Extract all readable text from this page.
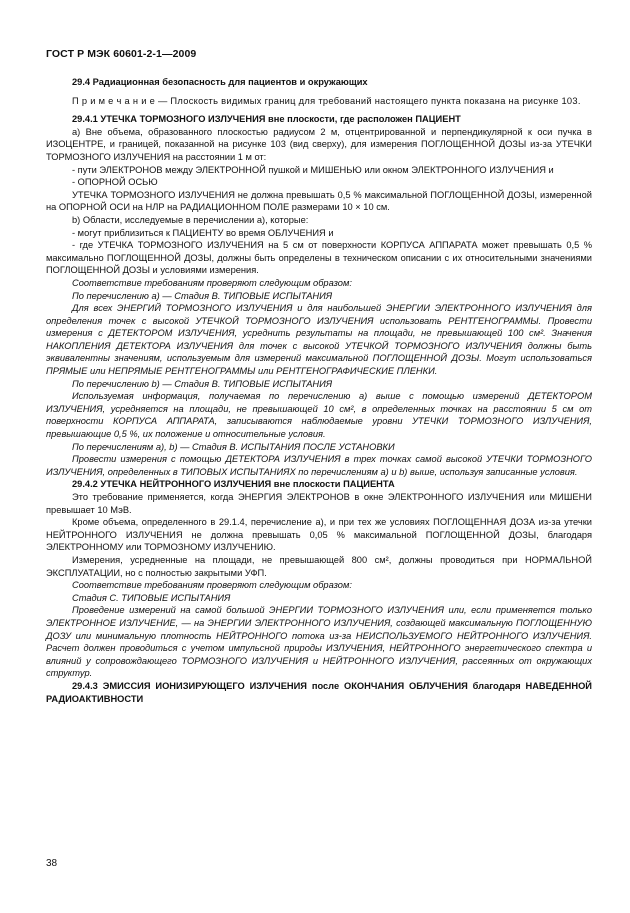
ГОСТ Р МЭК 60601-2-1—2009

29.4 Радиационная безопасность для пациентов и окружающих

П р и м е ч а н и е — Плоскость видимых границ для требований настоящего пункта показана на рисунке 103.

29.4.1 УТЕЧКА ТОРМОЗНОГО ИЗЛУЧЕНИЯ вне плоскости, где расположен ПАЦИЕНТ

а) Вне объема, образованного плоскостью радиусом 2 м, отцентрированной и перпендикулярной к оси пучка в ИЗОЦЕНТРЕ, и границей, показанной на рисунке 103 (вид сверху), для измерения ПОГЛОЩЕННОЙ ДОЗЫ из-за УТЕЧКИ ТОРМОЗНОГО ИЗЛУЧЕНИЯ на расстоянии 1 м от:

- пути ЭЛЕКТРОНОВ между ЭЛЕКТРОННОЙ пушкой и МИШЕНЬЮ или окном ЭЛЕКТРОННОГО ИЗЛУЧЕНИЯ и

- ОПОРНОЙ ОСЬЮ

УТЕЧКА ТОРМОЗНОГО ИЗЛУЧЕНИЯ не должна превышать 0,5 % максимальной ПОГЛОЩЕННОЙ ДОЗЫ, измеренной на ОПОРНОЙ ОСИ на НЛР на РАДИАЦИОННОМ ПОЛЕ размерами 10 × 10 см.

b) Области, исследуемые в перечислении а), которые:

- могут приблизиться к ПАЦИЕНТУ во время ОБЛУЧЕНИЯ и

- где УТЕЧКА ТОРМОЗНОГО ИЗЛУЧЕНИЯ на 5 см от поверхности КОРПУСА АППАРАТА может превышать 0,5 % максимально ПОГЛОЩЕННОЙ ДОЗЫ, должны быть определены в техническом описании с их относительными значениями ПОГЛОЩЕННОЙ ДОЗЫ и условиями измерения.

Соответствие требованиям проверяют следующим образом:

По перечислению а) — Стадия В. ТИПОВЫЕ ИСПЫТАНИЯ

Для всех ЭНЕРГИЙ ТОРМОЗНОГО ИЗЛУЧЕНИЯ и для наибольшей ЭНЕРГИИ ЭЛЕКТРОННОГО ИЗЛУЧЕНИЯ для определения точек с высокой УТЕЧКОЙ ТОРМОЗНОГО ИЗЛУЧЕНИЯ использовать РЕНТГЕНОГРАММЫ. Провести измерения с ДЕТЕКТОРОМ ИЗЛУЧЕНИЯ, усреднить результаты на площади, не превышающей 100 см². Значения НАКОПЛЕНИЯ ДЕТЕКТОРА ИЗЛУЧЕНИЯ для точек с высокой УТЕЧКОЙ ТОРМОЗНОГО ИЗЛУЧЕНИЯ должны быть эквивалентны значениям, используемым для измерений максимальной ПОГЛОЩЕННОЙ ДОЗЫ. Могут использоваться ПРЯМЫЕ или НЕПРЯМЫЕ РЕНТГЕНОГРАММЫ или РЕНТГЕНОГРАФИЧЕСКИЕ ПЛЕНКИ.

По перечислению b) — Стадия В. ТИПОВЫЕ ИСПЫТАНИЯ

Используемая информация, получаемая по перечислению а) выше с помощью измерений ДЕТЕКТОРОМ ИЗЛУЧЕНИЯ, усредняется на площади, не превышающей 10 см², в определенных точках на расстоянии 5 см от поверхности КОРПУСА АППАРАТА, записываются наблюдаемые уровни УТЕЧКИ ТОРМОЗНОГО ИЗЛУЧЕНИЯ, превышающие 0,5 %, их положение и относительные условия.

По перечислениям а), b) — Стадия В. ИСПЫТАНИЯ ПОСЛЕ УСТАНОВКИ

Провести измерения с помощью ДЕТЕКТОРА ИЗЛУЧЕНИЯ в трех точках самой высокой УТЕЧКИ ТОРМОЗНОГО ИЗЛУЧЕНИЯ, определенных в ТИПОВЫХ ИСПЫТАНИЯХ по перечислениям а) и b) выше, используя записанные условия.

29.4.2 УТЕЧКА НЕЙТРОННОГО ИЗЛУЧЕНИЯ вне плоскости ПАЦИЕНТА

Это требование применяется, когда ЭНЕРГИЯ ЭЛЕКТРОНОВ в окне ЭЛЕКТРОННОГО ИЗЛУЧЕНИЯ или МИШЕНИ превышает 10 МэВ.

Кроме объема, определенного в 29.1.4, перечисление а), и при тех же условиях ПОГЛОЩЕННАЯ ДОЗА из-за утечки НЕЙТРОННОГО ИЗЛУЧЕНИЯ не должна превышать 0,05 % максимальной ПОГЛОЩЕННОЙ ДОЗЫ, благодаря ЭЛЕКТРОННОМУ или ТОРМОЗНОМУ ИЗЛУЧЕНИЮ.

Измерения, усредненные на площади, не превышающей 800 см², должны проводиться при НОРМАЛЬНОЙ ЭКСПЛУАТАЦИИ, но с полностью закрытыми УФП.

Соответствие требованиям проверяют следующим образом:

Стадия С. ТИПОВЫЕ ИСПЫТАНИЯ

Проведение измерений на самой большой ЭНЕРГИИ ТОРМОЗНОГО ИЗЛУЧЕНИЯ или, если применяется только ЭЛЕКТРОННОЕ ИЗЛУЧЕНИЕ, — на ЭНЕРГИИ ЭЛЕКТРОННОГО ИЗЛУЧЕНИЯ, создающей максимальную ПОГЛОЩЕННУЮ ДОЗУ или минимальную плотность НЕЙТРОННОГО потока из-за НЕИСПОЛЬЗУЕМОГО НЕЙТРОННОГО ИЗЛУЧЕНИЯ. Расчет должен проводиться с учетом импульсной природы ИЗЛУЧЕНИЯ, НЕЙТРОННОГО энергетического спектра и влияний у сопровождающего ТОРМОЗНОГО ИЗЛУЧЕНИЯ и НЕЙТРОННОГО ИЗЛУЧЕНИЯ, рассеянных от окружающих структур.

29.4.3 ЭМИССИЯ ИОНИЗИРУЮЩЕГО ИЗЛУЧЕНИЯ после ОКОНЧАНИЯ ОБЛУЧЕНИЯ благодаря НАВЕДЕННОЙ РАДИОАКТИВНОСТИ

38
